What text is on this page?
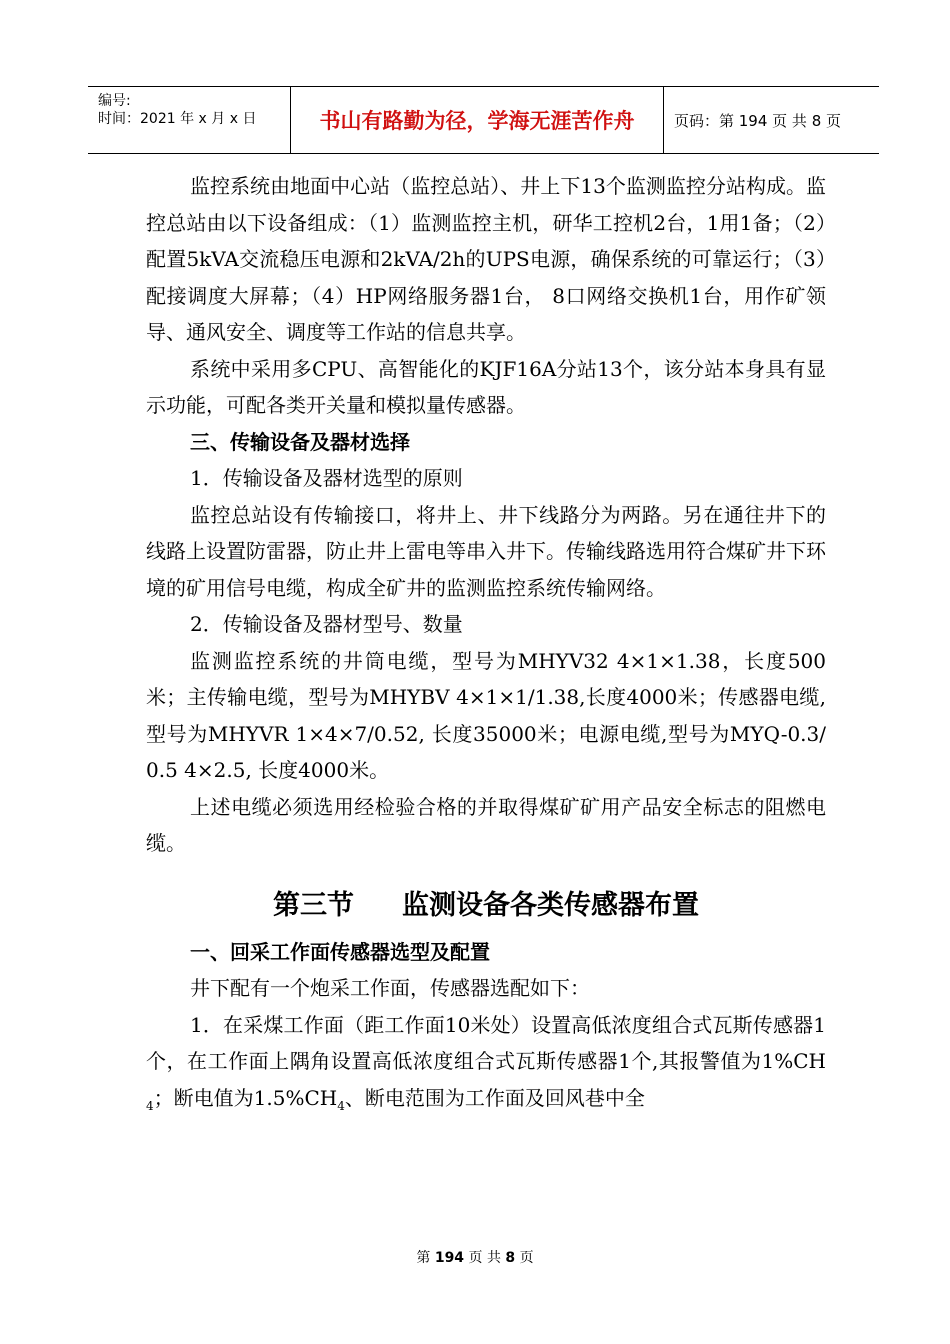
编号:
时间：2021 年 x 月 x 日	书山有路勤为径，学海无涯苦作舟	页码：第 194 页 共 8 页

监控系统由地面中心站（监控总站）、井上下13个监测监控分站构成。监控总站由以下设备组成：（1）监测监控主机，研华工控机2台，1用1备；（2）配置5kVA交流稳压电源和2kVA/2h的UPS电源，确保系统的可靠运行；（3）配接调度大屏幕；（4）HP网络服务器1台， 8口网络交换机1台，用作矿领导、通风安全、调度等工作站的信息共享。

系统中采用多CPU、高智能化的KJF16A分站13个，该分站本身具有显示功能，可配各类开关量和模拟量传感器。

三、传输设备及器材选择

1．传输设备及器材选型的原则

监控总站设有传输接口，将井上、井下线路分为两路。另在通往井下的线路上设置防雷器，防止井上雷电等串入井下。传输线路选用符合煤矿井下环境的矿用信号电缆，构成全矿井的监测监控系统传输网络。

2．传输设备及器材型号、数量

监测监控系统的井筒电缆，型号为MHYV32 4×1×1.38，长度500米；主传输电缆，型号为MHYBV 4×1×1/1.38,长度4000米；传感器电缆,型号为MHYVR 1×4×7/0.52, 长度35000米；电源电缆,型号为MYQ-0.3/0.5 4×2.5, 长度4000米。

上述电缆必须选用经检验合格的并取得煤矿矿用产品安全标志的阻燃电缆。

第三节 监测设备各类传感器布置

一、回采工作面传感器选型及配置

井下配有一个炮采工作面，传感器选配如下：

1．在采煤工作面（距工作面10米处）设置高低浓度组合式瓦斯传感器1个，在工作面上隅角设置高低浓度组合式瓦斯传感器1个,其报警值为$1\%CH_4$；断电值为$1.5\%CH_4$、断电范围为工作面及回风巷中全

第 194 页 共 8 页
